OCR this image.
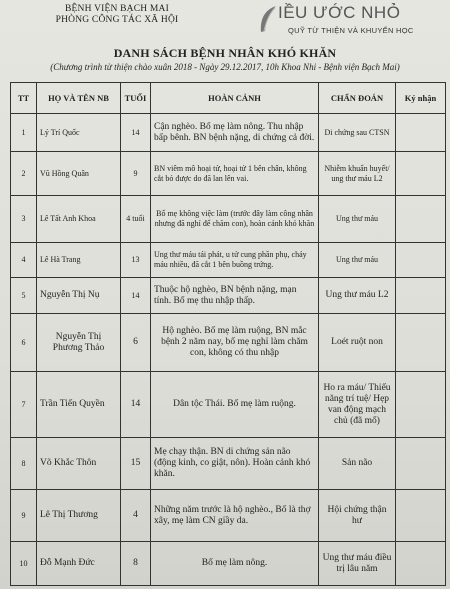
BỆNH VIỆN BẠCH MAI
PHÒNG CÔNG TÁC XÃ HỘI	IỀU ƯỚC NHỎ
QUỸ TỪ THIỆN VÀ KHUYẾN HỌC
DANH SÁCH BỆNH NHÂN KHÓ KHĂN
(Chương trình từ thiện chào xuân 2018 - Ngày 29.12.2017, 10h Khoa Nhi - Bệnh viện Bạch Mai)
TT	HỌ VÀ TÊN NB	TUỔI	HOÀN CẢNH	CHẨN ĐOÁN	Ký nhận
1	Lý Trí Quốc	14	Cận nghèo. Bố mẹ làm nông. Thu nhập bấp bênh. BN bệnh nặng, di chứng cả đời.	Di chứng sau CTSN	
2	Vũ Hồng Quân	9	BN viêm mô hoại tử, hoại tử 1 bên chân, không cắt bỏ được do đã lan lên vai.	Nhiễm khuẩn huyết/ ung thư máu L2	
3	Lê Tất Anh Khoa	4 tuổi	Bố mẹ không việc làm (trước đây làm công nhân nhưng đã nghỉ để chăm con), hoàn cảnh khó khăn	Ung thư máu	
4	Lê Hà Trang	13	Ung thư máu tái phát, u tử cung phần phụ, chảy máu nhiều, đã cắt 1 bên buồng trứng.	Ung thư máu	
5	Nguyễn Thị Nụ	14	Thuộc hộ nghèo, BN bệnh nặng, mạn tính. Bố mẹ thu nhập thấp.	Ung thư máu L2	
6	Nguyễn Thị Phương Thảo	6	Hộ nghèo. Bố mẹ làm ruộng, BN mắc bệnh 2 năm nay, bố mẹ nghỉ làm chăm con, không có thu nhập	Loét ruột non	
7	Trần Tiến Quyền	14	Dân tộc Thái. Bố mẹ làm ruộng.	Ho ra máu/ Thiếu năng trí tuệ/ Hẹp van động mạch chủ (đã mổ)	
8	Võ Khắc Thôn	15	Mẹ chạy thận. BN di chứng sản não (động kinh, co giật, nôn). Hoàn cảnh khó khăn.	Sản não	
9	Lê Thị Thương	4	Những năm trước là hộ nghèo., Bố là thợ xây, mẹ làm CN giầy da.	Hội chứng thận hư	
10	Đỗ Mạnh Đức	8	Bố mẹ làm nông.	Ung thư máu điều trị lâu năm	
